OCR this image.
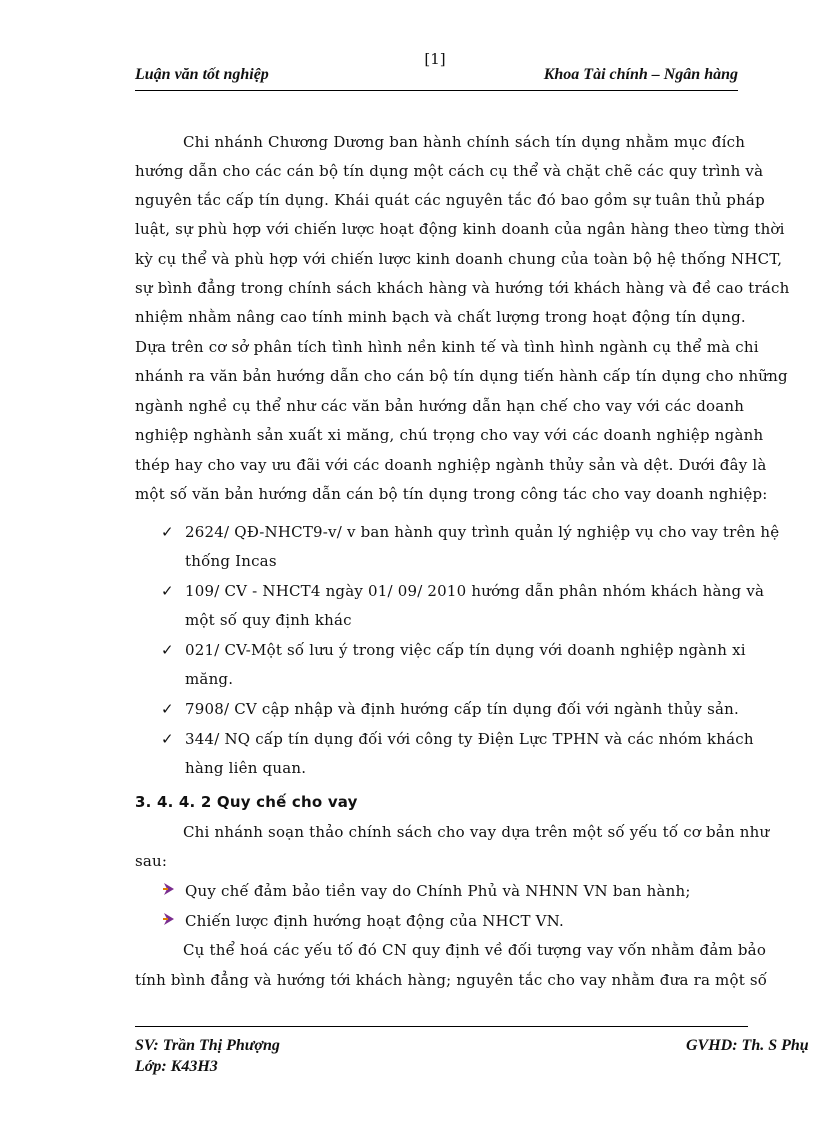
[1]
Luận văn tốt nghiệp	Khoa Tài chính – Ngân hàng
Chi nhánh Chương Dương ban hành chính sách tín dụng nhằm mục đích
hướng dẫn cho các cán bộ tín dụng một cách cụ thể và chặt chẽ các quy trình và
nguyên tắc cấp tín dụng. Khái quát các nguyên tắc đó bao gồm sự tuân thủ pháp
luật, sự phù hợp với chiến lược hoạt động kinh doanh của ngân hàng theo từng thời
kỳ cụ thể và phù hợp với chiến lược kinh doanh chung của toàn bộ hệ thống NHCT,
sự bình đẳng trong chính sách khách hàng và hướng tới khách hàng và đề cao trách
nhiệm nhằm nâng cao tính minh bạch và chất lượng trong hoạt động tín dụng.
Dựa trên cơ sở phân tích tình hình nền kinh tế và tình hình ngành cụ thể mà chi
nhánh ra văn bản hướng dẫn cho cán bộ tín dụng tiến hành cấp tín dụng cho những
ngành nghề cụ thể như các văn bản hướng dẫn hạn chế cho vay với các doanh
nghiệp nghành sản xuất xi măng, chú trọng cho vay với các doanh nghiệp ngành
thép hay cho vay ưu đãi với các doanh nghiệp ngành thủy sản và dệt. Dưới đây là
một số văn bản hướng dẫn cán bộ tín dụng trong công tác cho vay doanh nghiệp:
✓ 2624/ QĐ-NHCT9-v/ v ban hành quy trình quản lý nghiệp vụ cho vay trên hệ
thống Incas
✓ 109/ CV - NHCT4 ngày 01/ 09/ 2010 hướng dẫn phân nhóm khách hàng và
một số quy định khác
✓ 021/ CV-Một số lưu ý trong việc cấp tín dụng với doanh nghiệp ngành xi
măng.
✓ 7908/ CV cập nhập và định hướng cấp tín dụng đối với ngành thủy sản.
✓ 344/ NQ cấp tín dụng đối với công ty Điện Lực TPHN và các nhóm khách
hàng liên quan.
3. 4. 4. 2 Quy chế cho vay
Chi nhánh soạn thảo chính sách cho vay dựa trên một số yếu tố cơ bản như
sau:
Quy chế đảm bảo tiền vay do Chính Phủ và NHNN VN ban hành;
Chiến lược định hướng hoạt động của NHCT VN.
Cụ thể hoá các yếu tố đó CN quy định về đối tượng vay vốn nhằm đảm bảo
tính bình đẳng và hướng tới khách hàng; nguyên tắc cho vay nhằm đưa ra một số
SV: Trần Thị Phượng
Lớp: K43H3
GVHD: Th. S Phụ
